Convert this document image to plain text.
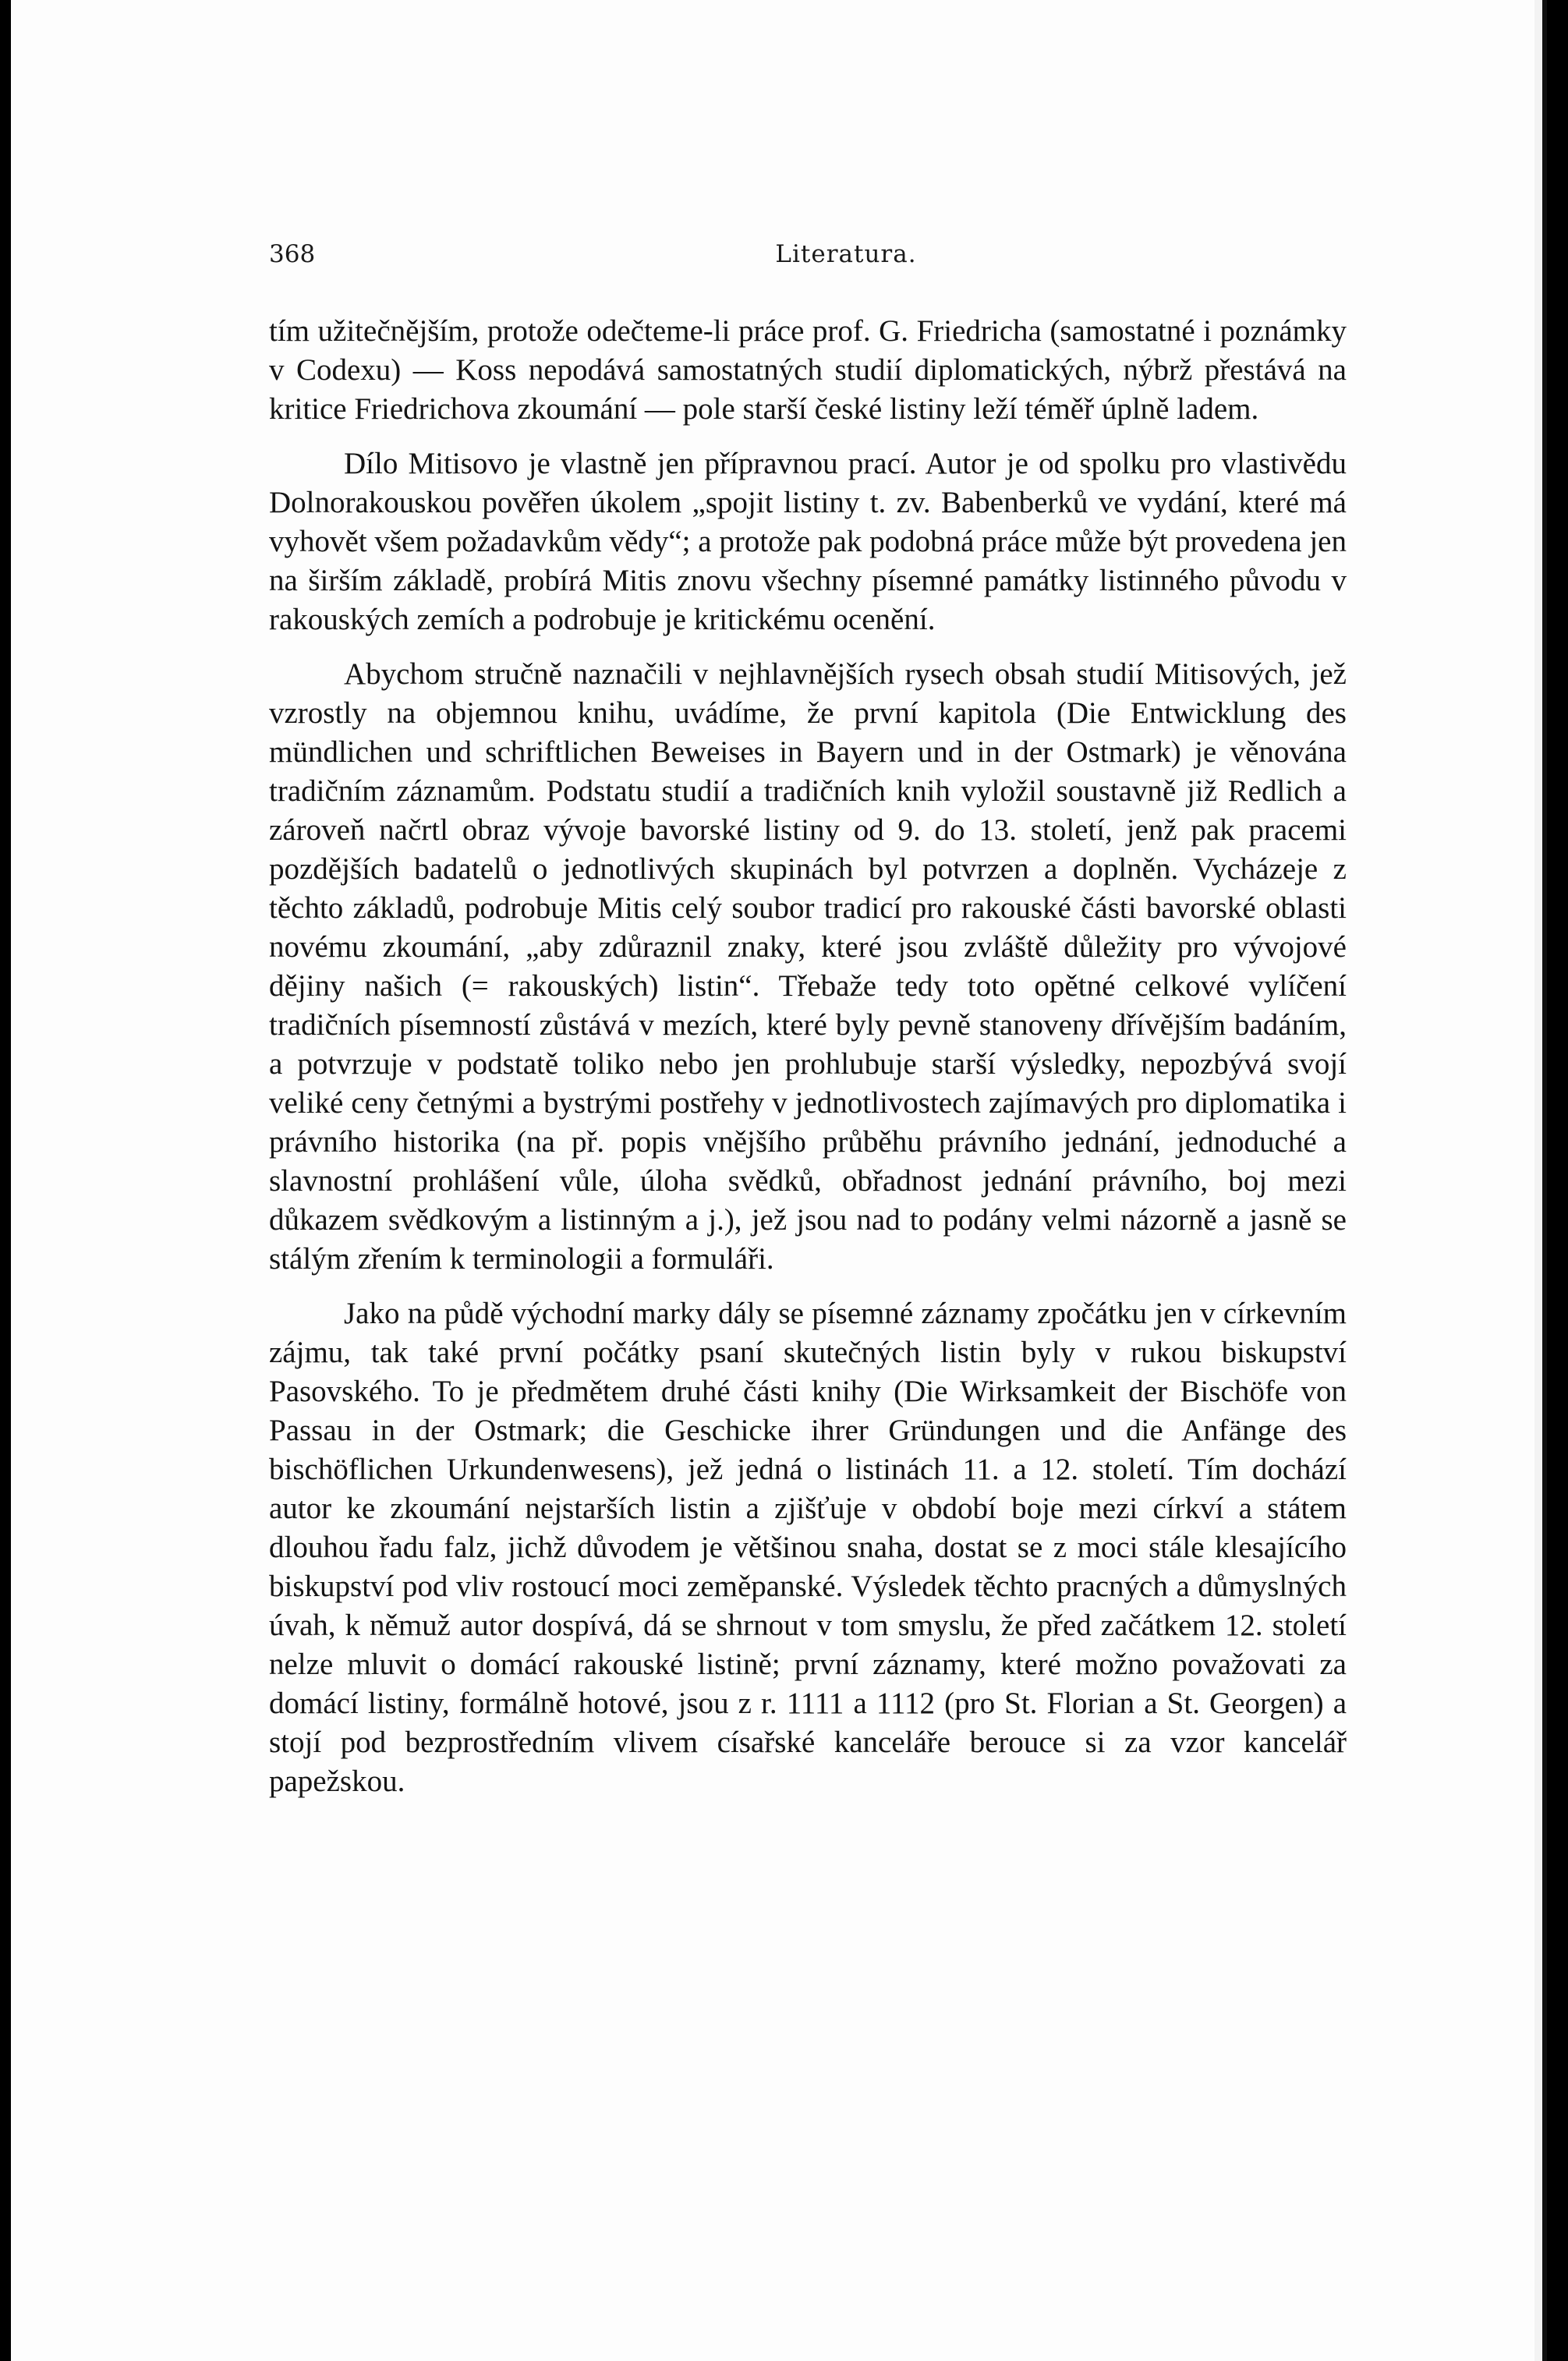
368	Literatura.

tím užitečnějším, protože odečteme-li práce prof. G. Friedricha (samostatné i poznámky v Codexu) — Koss nepodává samostatných studií diplomatických, nýbrž přestává na kritice Friedrichova zkoumání — pole starší české listiny leží téměř úplně ladem.

Dílo Mitisovo je vlastně jen přípravnou prací. Autor je od spolku pro vlastivědu Dolnorakouskou pověřen úkolem „spojit listiny t. zv. Babenberků ve vydání, které má vyhovět všem požadavkům vědy“; a protože pak podobná práce může být provedena jen na širším základě, probírá Mitis znovu všechny písemné památky listinného původu v rakouských zemích a podrobuje je kritickému ocenění.

Abychom stručně naznačili v nejhlavnějších rysech obsah studií Mitisových, jež vzrostly na objemnou knihu, uvádíme, že první kapitola (Die Entwicklung des mündlichen und schriftlichen Beweises in Bayern und in der Ostmark) je věnována tradičním záznamům. Podstatu studií a tradičních knih vyložil soustavně již Redlich a zároveň načrtl obraz vývoje bavorské listiny od 9. do 13. století, jenž pak pracemi pozdějších badatelů o jednotlivých skupinách byl potvrzen a doplněn. Vycházeje z těchto základů, podrobuje Mitis celý soubor tradicí pro rakouské části bavorské oblasti novému zkoumání, „aby zdůraznil znaky, které jsou zvláště důležity pro vývojové dějiny našich (= rakouských) listin“. Třebaže tedy toto opětné celkové vylíčení tradičních písemností zůstává v mezích, které byly pevně stanoveny dřívějším badáním, a potvrzuje v podstatě toliko nebo jen prohlubuje starší výsledky, nepozbývá svojí veliké ceny četnými a bystrými postřehy v jednotlivostech zajímavých pro diplomatika i právního historika (na př. popis vnějšího průběhu právního jednání, jednoduché a slavnostní prohlášení vůle, úloha svědků, obřadnost jednání právního, boj mezi důkazem svědkovým a listinným a j.), jež jsou nad to podány velmi názorně a jasně se stálým zřením k terminologii a formuláři.

Jako na půdě východní marky dály se písemné záznamy zpočátku jen v církevním zájmu, tak také první počátky psaní skutečných listin byly v rukou biskupství Pasovského. To je předmětem druhé části knihy (Die Wirksamkeit der Bischöfe von Passau in der Ostmark; die Geschicke ihrer Gründungen und die Anfänge des bischöflichen Urkundenwesens), jež jedná o listinách 11. a 12. století. Tím dochází autor ke zkoumání nejstarších listin a zjišťuje v období boje mezi církví a státem dlouhou řadu falz, jichž důvodem je většinou snaha, dostat se z moci stále klesajícího biskupství pod vliv rostoucí moci zeměpanské. Výsledek těchto pracných a důmyslných úvah, k němuž autor dospívá, dá se shrnout v tom smyslu, že před začátkem 12. století nelze mluvit o domácí rakouské listině; první záznamy, které možno považovati za domácí listiny, formálně hotové, jsou z r. 1111 a 1112 (pro St. Florian a St. Georgen) a stojí pod bezprostředním vlivem císařské kanceláře berouce si za vzor kancelář papežskou.
